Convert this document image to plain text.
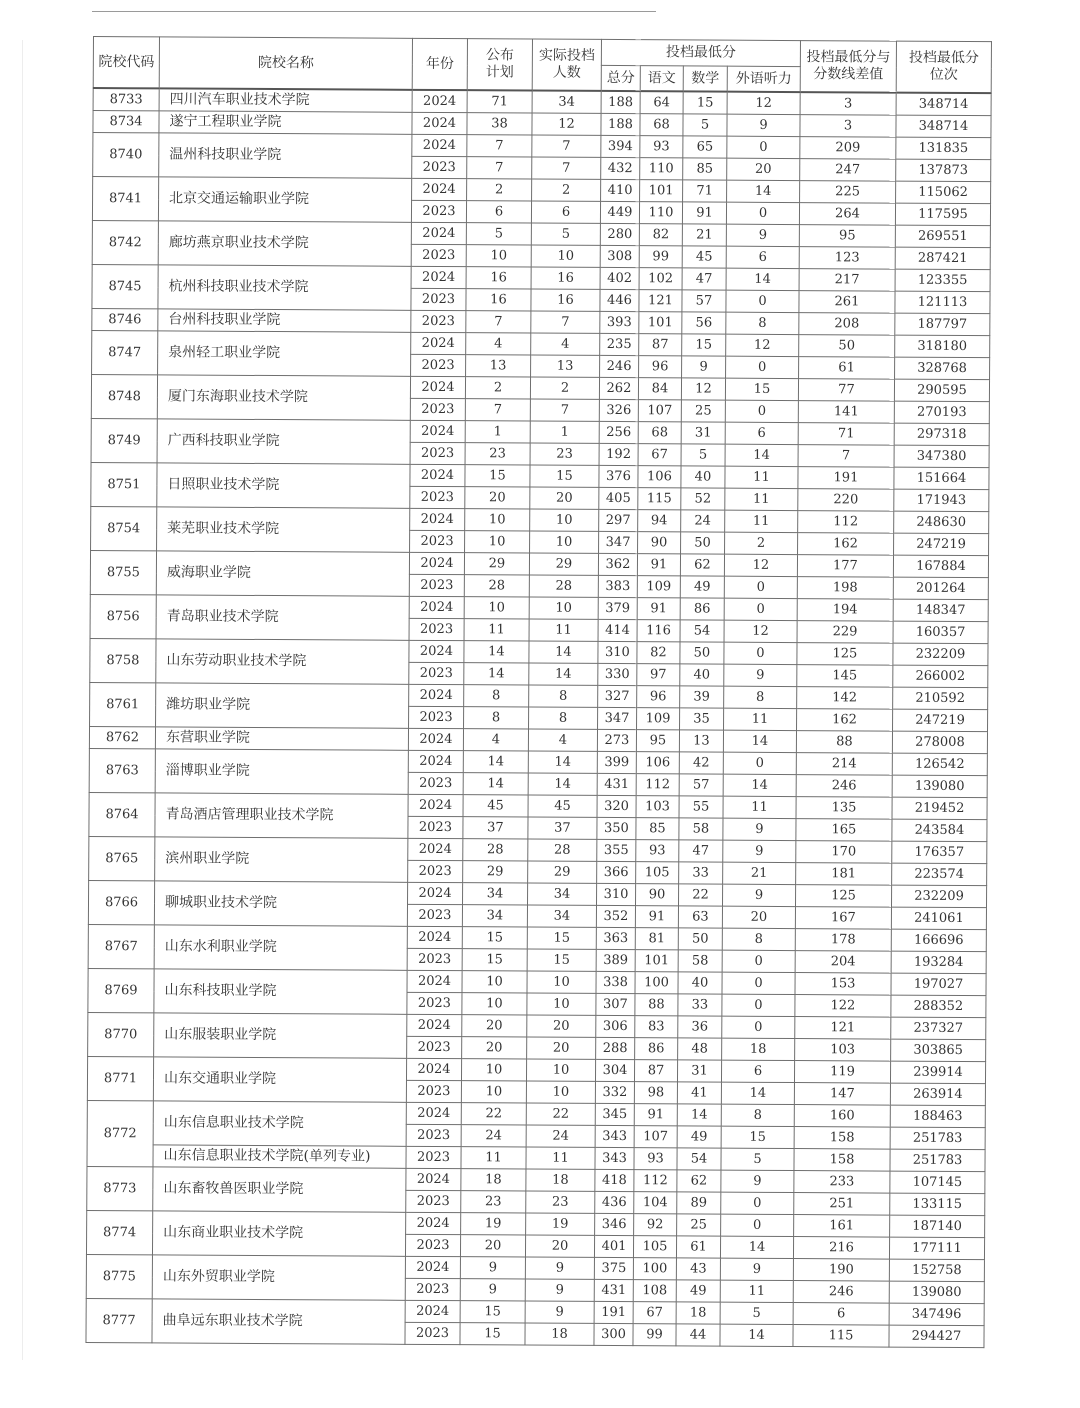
院校代码	院校名称	年份	公布计划	实际投档人数	投档最低分				投档最低分与分数线差值	投档最低分位次

					总分	语文	数学	外语听力		
8733	四川汽车职业技术学院	2024	71	34	188	64	15	12	3	348714
8734	遂宁工程职业学院	2024	38	12	188	68	5	9	3	348714
8740	温州科技职业学院	2024	7	7	394	93	65	0	209	131835
		2023	7	7	432	110	85	20	247	137873
8741	北京交通运输职业学院	2024	2	2	410	101	71	14	225	115062
		2023	6	6	449	110	91	0	264	117595
8742	廊坊燕京职业技术学院	2024	5	5	280	82	21	9	95	269551
		2023	10	10	308	99	45	6	123	287421
8745	杭州科技职业技术学院	2024	16	16	402	102	47	14	217	123355
		2023	16	16	446	121	57	0	261	121113
8746	台州科技职业学院	2023	7	7	393	101	56	8	208	187797
8747	泉州轻工职业学院	2024	4	4	235	87	15	12	50	318180
		2023	13	13	246	96	9	0	61	328768
8748	厦门东海职业技术学院	2024	2	2	262	84	12	15	77	290595
		2023	7	7	326	107	25	0	141	270193
8749	广西科技职业学院	2024	1	1	256	68	31	6	71	297318
		2023	23	23	192	67	5	14	7	347380
8751	日照职业技术学院	2024	15	15	376	106	40	11	191	151664
		2023	20	20	405	115	52	11	220	171943
8754	莱芜职业技术学院	2024	10	10	297	94	24	11	112	248630
		2023	10	10	347	90	50	2	162	247219
8755	威海职业学院	2024	29	29	362	91	62	12	177	167884
		2023	28	28	383	109	49	0	198	201264
8756	青岛职业技术学院	2024	10	10	379	91	86	0	194	148347
		2023	11	11	414	116	54	12	229	160357
8758	山东劳动职业技术学院	2024	14	14	310	82	50	0	125	232209
		2023	14	14	330	97	40	9	145	266002
8761	潍坊职业学院	2024	8	8	327	96	39	8	142	210592
		2023	8	8	347	109	35	11	162	247219
8762	东营职业学院	2024	4	4	273	95	13	14	88	278008
8763	淄博职业学院	2024	14	14	399	106	42	0	214	126542
		2023	14	14	431	112	57	14	246	139080
8764	青岛酒店管理职业技术学院	2024	45	45	320	103	55	11	135	219452
		2023	37	37	350	85	58	9	165	243584
8765	滨州职业学院	2024	28	28	355	93	47	9	170	176357
		2023	29	29	366	105	33	21	181	223574
8766	聊城职业技术学院	2024	34	34	310	90	22	9	125	232209
		2023	34	34	352	91	63	20	167	241061
8767	山东水利职业学院	2024	15	15	363	81	50	8	178	166696
		2023	15	15	389	101	58	0	204	193284
8769	山东科技职业学院	2024	10	10	338	100	40	0	153	197027
		2023	10	10	307	88	33	0	122	288352
8770	山东服装职业学院	2024	20	20	306	83	36	0	121	237327
		2023	20	20	288	86	48	18	103	303865
8771	山东交通职业学院	2024	10	10	304	87	31	6	119	239914
		2023	10	10	332	98	41	14	147	263914
8772	山东信息职业技术学院	2024	22	22	345	91	14	8	160	188463
		2023	24	24	343	107	49	15	158	251783
	山东信息职业技术学院(单列专业)	2023	11	11	343	93	54	5	158	251783
8773	山东畜牧兽医职业学院	2024	18	18	418	112	62	9	233	107145
		2023	23	23	436	104	89	0	251	133115
8774	山东商业职业技术学院	2024	19	19	346	92	25	0	161	187140
		2023	20	20	401	105	61	14	216	177111
8775	山东外贸职业学院	2024	9	9	375	100	43	9	190	152758
		2023	9	9	431	108	49	11	246	139080
8777	曲阜远东职业技术学院	2024	15	9	191	67	18	5	6	347496
		2023	15	18	300	99	44	14	115	294427
